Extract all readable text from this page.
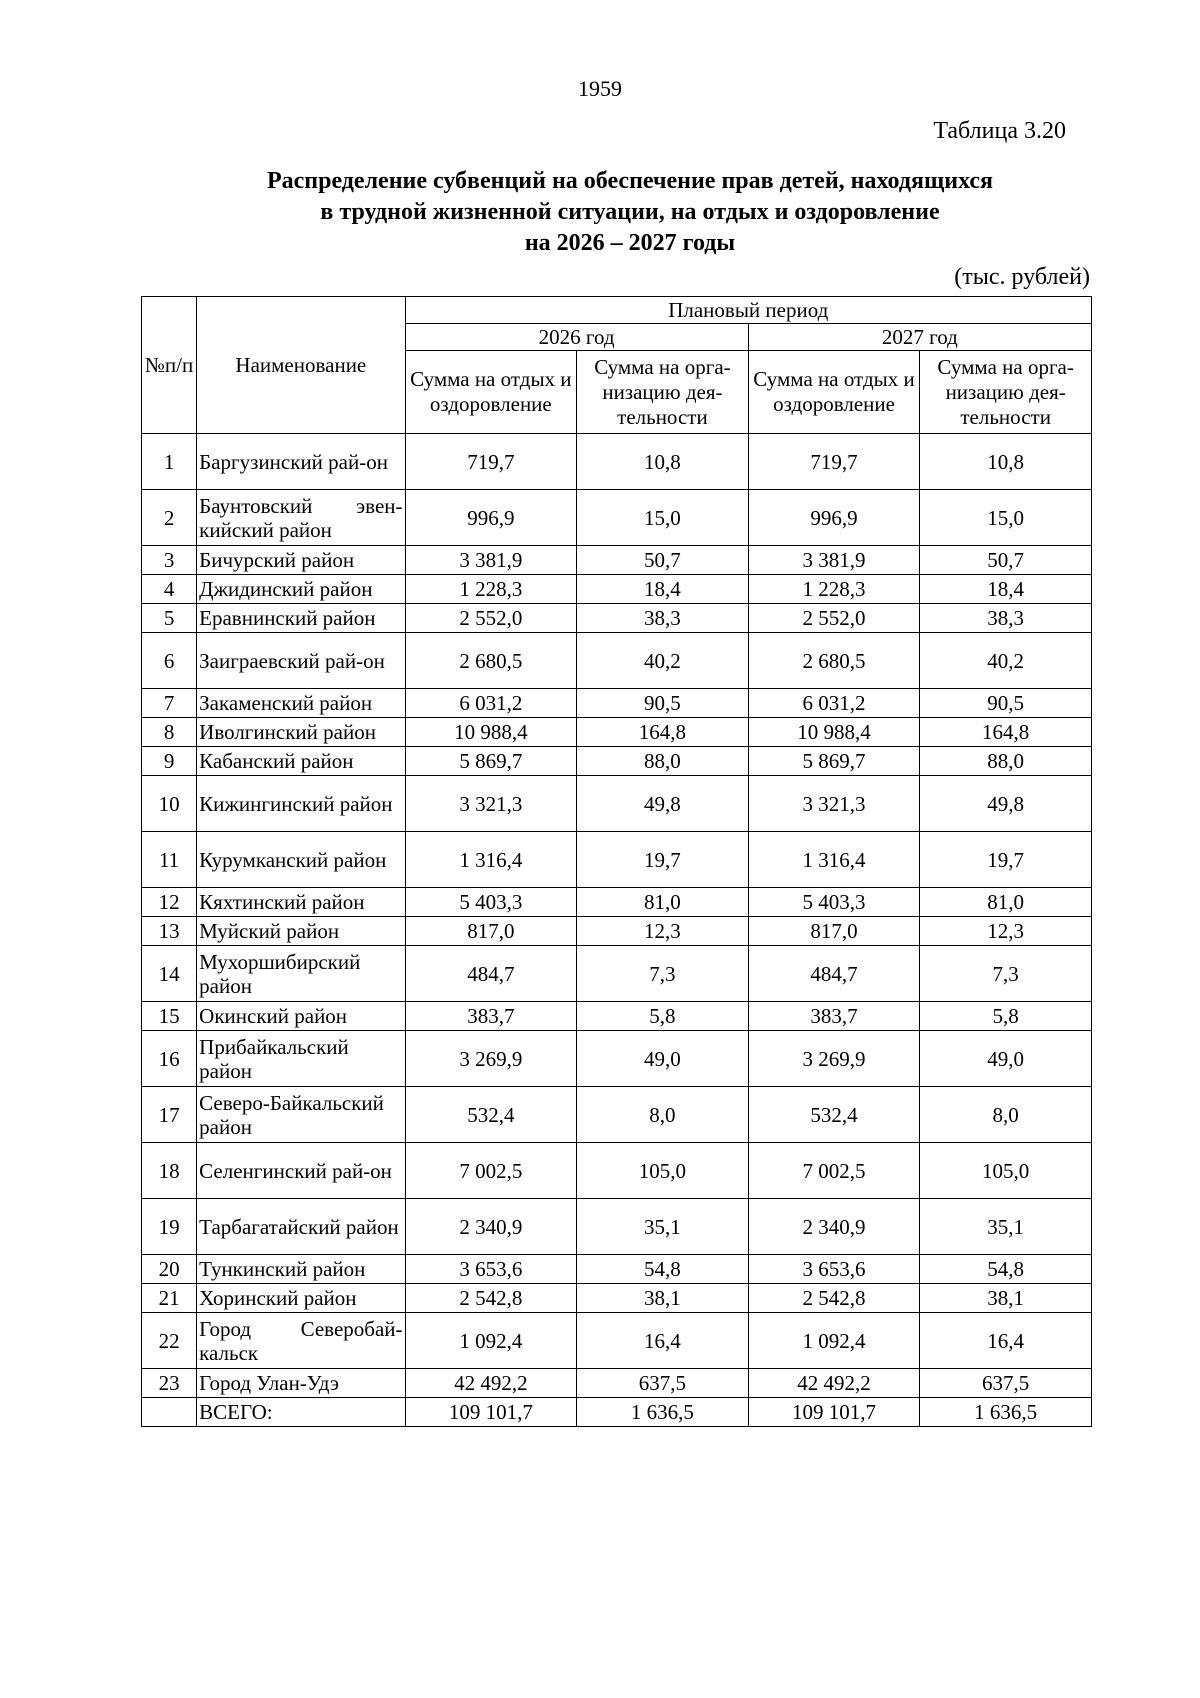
1959
Таблица 3.20
Распределение субвенций на обеспечение прав детей, находящихся
в трудной жизненной ситуации, на отдых и оздоровление
на 2026 – 2027 годы
(тыс. рублей)
№п/п	Наименование	Плановый период			
		2026 год		2027 год	
		Сумма на отдых и оздоровление	Сумма на орга-низацию дея-тельности	Сумма на отдых и оздоровление	Сумма на орга-низацию дея-тельности
1	Баргузинский рай-он	719,7	10,8	719,7	10,8
2	Баунтовский эвен-кийский район	996,9	15,0	996,9	15,0
3	Бичурский район	3 381,9	50,7	3 381,9	50,7
4	Джидинский район	1 228,3	18,4	1 228,3	18,4
5	Еравнинский район	2 552,0	38,3	2 552,0	38,3
6	Заиграевский рай-он	2 680,5	40,2	2 680,5	40,2
7	Закаменский район	6 031,2	90,5	6 031,2	90,5
8	Иволгинский район	10 988,4	164,8	10 988,4	164,8
9	Кабанский район	5 869,7	88,0	5 869,7	88,0
10	Кижингинский район	3 321,3	49,8	3 321,3	49,8
11	Курумканский район	1 316,4	19,7	1 316,4	19,7
12	Кяхтинский район	5 403,3	81,0	5 403,3	81,0
13	Муйский район	817,0	12,3	817,0	12,3
14	Мухоршибирский район	484,7	7,3	484,7	7,3
15	Окинский район	383,7	5,8	383,7	5,8
16	Прибайкальский район	3 269,9	49,0	3 269,9	49,0
17	Северо-Байкальский район	532,4	8,0	532,4	8,0
18	Селенгинский рай-он	7 002,5	105,0	7 002,5	105,0
19	Тарбагатайский район	2 340,9	35,1	2 340,9	35,1
20	Тункинский район	3 653,6	54,8	3 653,6	54,8
21	Хоринский район	2 542,8	38,1	2 542,8	38,1
22	Город Северобай-кальск	1 092,4	16,4	1 092,4	16,4
23	Город Улан-Удэ	42 492,2	637,5	42 492,2	637,5
	ВСЕГО:	109 101,7	1 636,5	109 101,7	1 636,5
